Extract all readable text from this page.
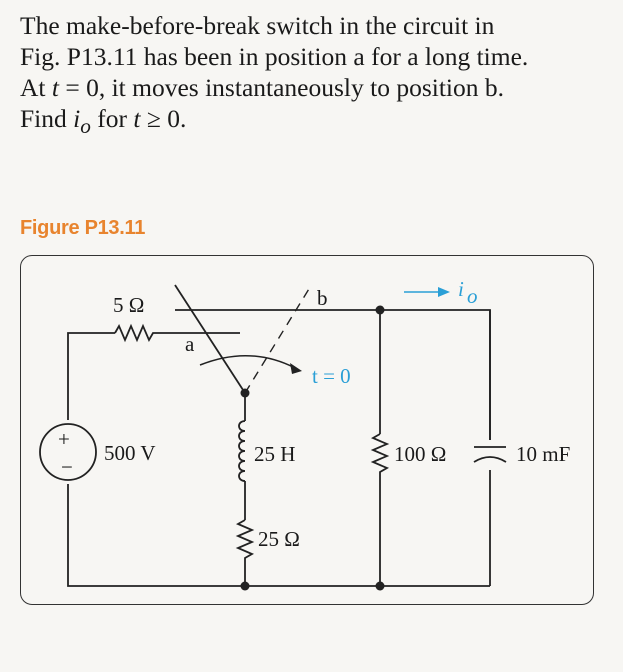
The make-before-break switch in the circuit in
Fig. P13.11 has been in position a for a long time.
At t = 0, it moves instantaneously to position b.
Find $i_o$ for t ≥ 0.

Figure P13.11
+
−
500 V
5 Ω
a
b
t = 0
25 H
25 Ω
100 Ω	10 mF
i o
